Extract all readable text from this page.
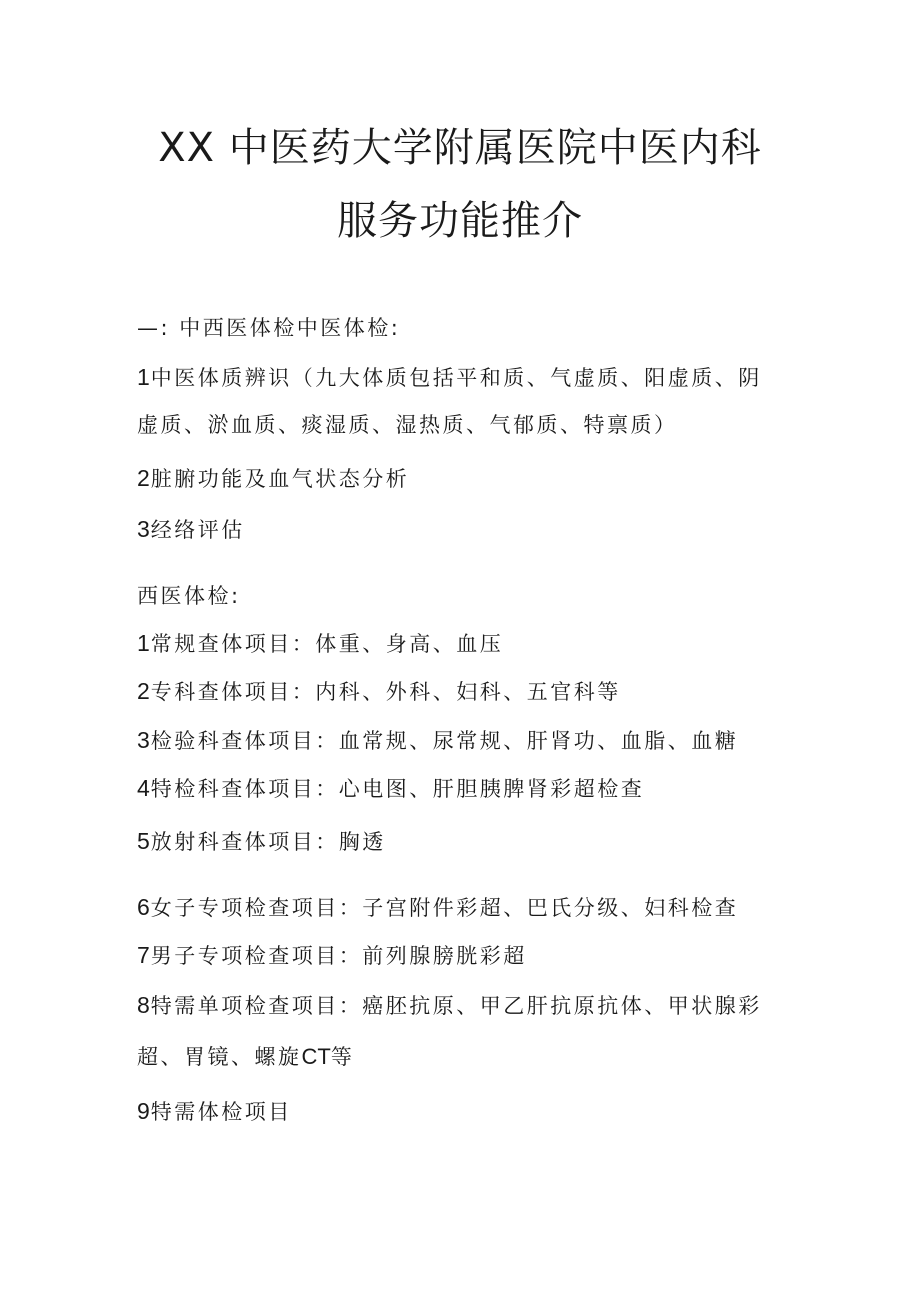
XX 中医药大学附属医院中医内科
服务功能推介
—: 中西医体检中医体检:
1中医体质辨识（九大体质包括平和质、气虚质、阳虚质、阴
虚质、淤血质、痰湿质、湿热质、气郁质、特禀质）
2脏腑功能及血气状态分析
3经络评估
西医体检:
1常规查体项目：体重、身高、血压
2专科查体项目：内科、外科、妇科、五官科等
3检验科查体项目：血常规、尿常规、肝肾功、血脂、血糖
4特检科查体项目：心电图、肝胆胰脾肾彩超检查
5放射科查体项目：胸透
6女子专项检查项目：子宫附件彩超、巴氏分级、妇科检查
7男子专项检查项目：前列腺膀胱彩超
8特需单项检查项目：癌胚抗原、甲乙肝抗原抗体、甲状腺彩
超、胃镜、螺旋CT等
9特需体检项目
